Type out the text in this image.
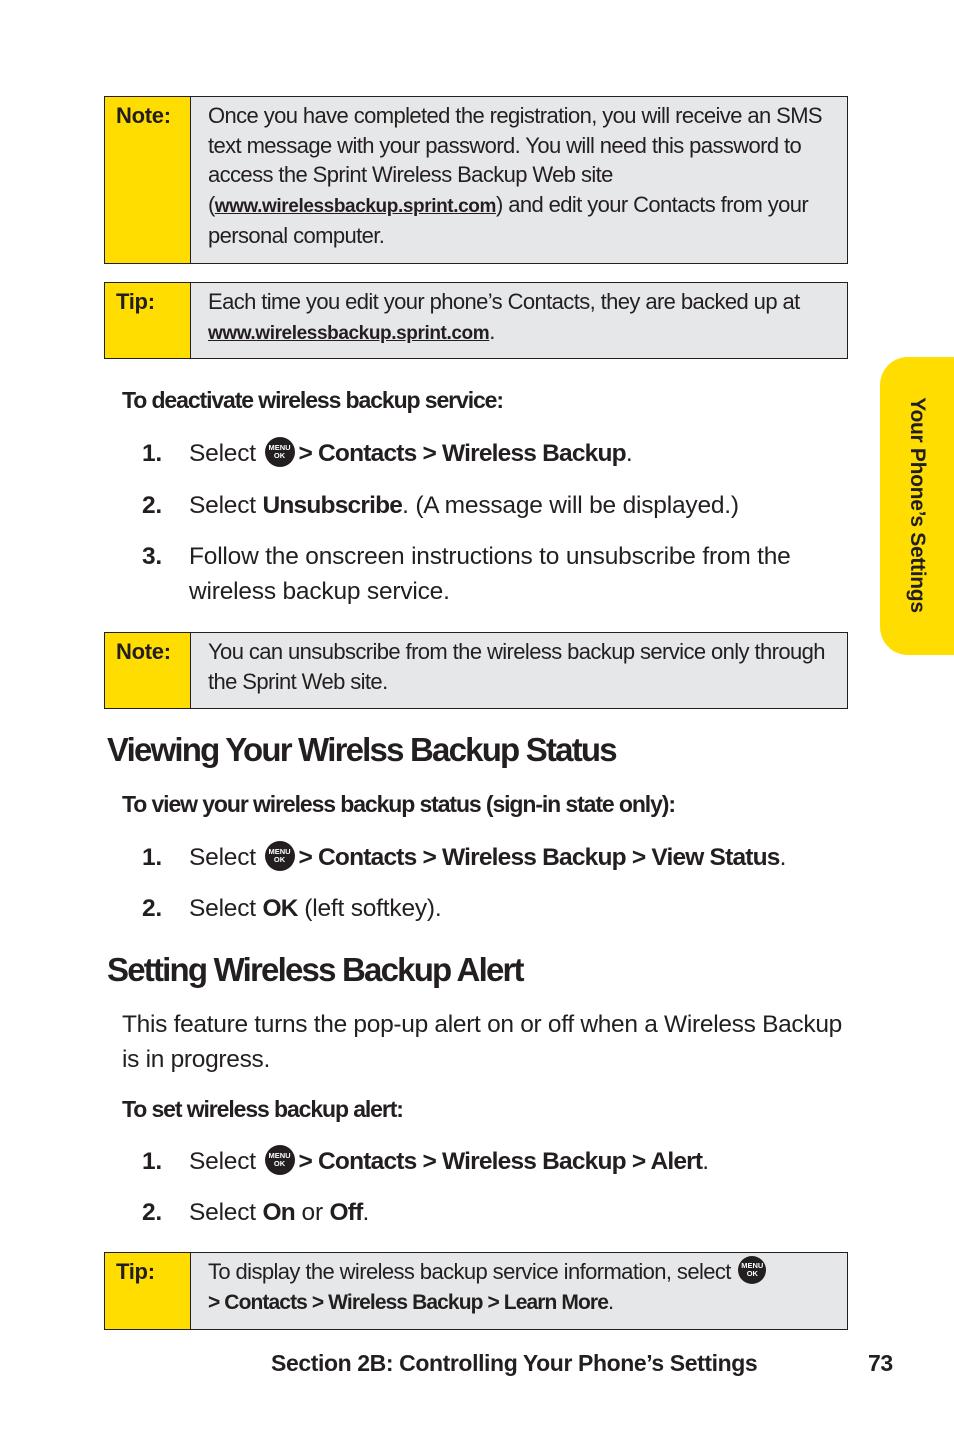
Note:	Once you have completed the registration, you will receive an SMS text message with your password. You will need this password to access the Sprint Wireless Backup Web site (www.wirelessbackup.sprint.com) and edit your Contacts from your personal computer.
Tip:	Each time you edit your phone’s Contacts, they are backed up at www.wirelessbackup.sprint.com.
To deactivate wireless backup service:
1. Select MENU
OK > Contacts > Wireless Backup.
2. Select Unsubscribe. (A message will be displayed.)
3. Follow the onscreen instructions to unsubscribe from the wireless backup service.
Note:	You can unsubscribe from the wireless backup service only through the Sprint Web site.
Viewing Your Wirelss Backup Status
To view your wireless backup status (sign-in state only):
1. Select MENU
OK > Contacts > Wireless Backup > View Status.
2. Select OK (left softkey).
Setting Wireless Backup Alert
This feature turns the pop-up alert on or off when a Wireless Backup is in progress.
To set wireless backup alert:
1. Select MENU
OK > Contacts > Wireless Backup > Alert.
2. Select On or Off.
Tip:	To display the wireless backup service information, select MENU
OK
> Contacts > Wireless Backup > Learn More.
Your Phone’s Settings
Section 2B: Controlling Your Phone’s Settings	73
